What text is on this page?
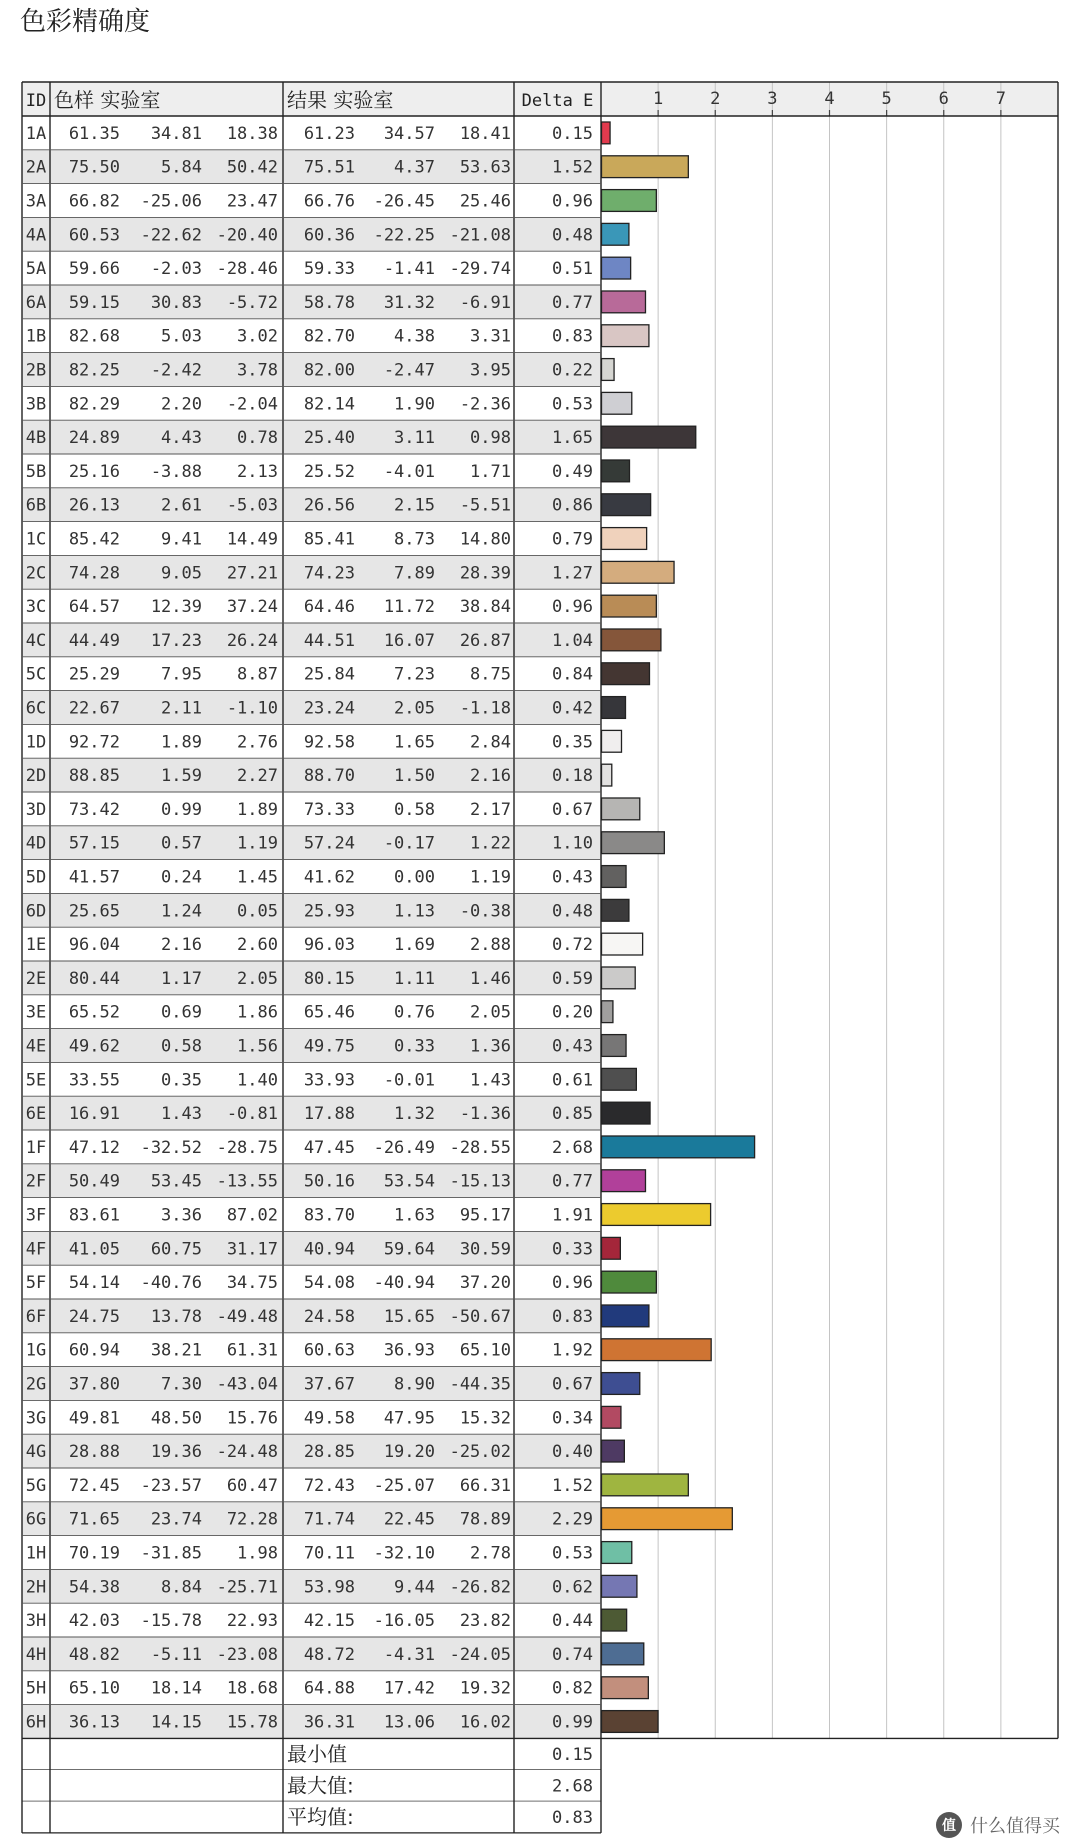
色彩精确度
1	2	3	4	5	6	7
ID 色样 实验室	结果 实验室	Delta E
1A 61.35 34.81 18.38 61.23 34.57 18.41 0.15
2A 75.50 5.84 50.42 75.51 4.37 53.63 1.52
3A 66.82 -25.06 23.47 66.76 -26.45 25.46 0.96
4A 60.53 -22.62 -20.40 60.36 -22.25 -21.08 0.48
5A 59.66 -2.03 -28.46 59.33 -1.41 -29.74 0.51
6A 59.15 30.83 -5.72 58.78 31.32 -6.91 0.77
1B 82.68 5.03 3.02 82.70 4.38 3.31 0.83
2B 82.25 -2.42 3.78 82.00 -2.47 3.95 0.22
3B 82.29 2.20 -2.04 82.14 1.90 -2.36 0.53
4B 24.89 4.43 0.78 25.40 3.11 0.98 1.65
5B 25.16 -3.88 2.13 25.52 -4.01 1.71 0.49
6B 26.13 2.61 -5.03 26.56 2.15 -5.51 0.86
1C 85.42 9.41 14.49 85.41 8.73 14.80 0.79
2C 74.28 9.05 27.21 74.23 7.89 28.39 1.27
3C 64.57 12.39 37.24 64.46 11.72 38.84 0.96
4C 44.49 17.23 26.24 44.51 16.07 26.87 1.04
5C 25.29 7.95 8.87 25.84 7.23 8.75 0.84
6C 22.67 2.11 -1.10 23.24 2.05 -1.18 0.42
1D 92.72 1.89 2.76 92.58 1.65 2.84 0.35
2D 88.85 1.59 2.27 88.70 1.50 2.16 0.18
3D 73.42 0.99 1.89 73.33 0.58 2.17 0.67
4D 57.15 0.57 1.19 57.24 -0.17 1.22 1.10
5D 41.57 0.24 1.45 41.62 0.00 1.19 0.43
6D 25.65 1.24 0.05 25.93 1.13 -0.38 0.48
1E 96.04 2.16 2.60 96.03 1.69 2.88 0.72
2E 80.44 1.17 2.05 80.15 1.11 1.46 0.59
3E 65.52 0.69 1.86 65.46 0.76 2.05 0.20
4E 49.62 0.58 1.56 49.75 0.33 1.36 0.43
5E 33.55 0.35 1.40 33.93 -0.01 1.43 0.61
6E 16.91 1.43 -0.81 17.88 1.32 -1.36 0.85
1F 47.12 -32.52 -28.75 47.45 -26.49 -28.55 2.68
2F 50.49 53.45 -13.55 50.16 53.54 -15.13 0.77
3F 83.61 3.36 87.02 83.70 1.63 95.17 1.91
4F 41.05 60.75 31.17 40.94 59.64 30.59 0.33
5F 54.14 -40.76 34.75 54.08 -40.94 37.20 0.96
6F 24.75 13.78 -49.48 24.58 15.65 -50.67 0.83
1G 60.94 38.21 61.31 60.63 36.93 65.10 1.92
2G 37.80 7.30 -43.04 37.67 8.90 -44.35 0.67
3G 49.81 48.50 15.76 49.58 47.95 15.32 0.34
4G 28.88 19.36 -24.48 28.85 19.20 -25.02 0.40
5G 72.45 -23.57 60.47 72.43 -25.07 66.31 1.52
6G 71.65 23.74 72.28 71.74 22.45 78.89 2.29
1H 70.19 -31.85 1.98 70.11 -32.10 2.78 0.53
2H 54.38 8.84 -25.71 53.98 9.44 -26.82 0.62
3H 42.03 -15.78 22.93 42.15 -16.05 23.82 0.44
4H 48.82 -5.11 -23.08 48.72 -4.31 -24.05 0.74
5H 65.10 18.14 18.68 64.88 17.42 19.32 0.82
6H 36.13 14.15 15.78 36.31 13.06 16.02 0.99
最小值	0.15
最大值:	2.68
平均值:	0.83	值 什么值得买
